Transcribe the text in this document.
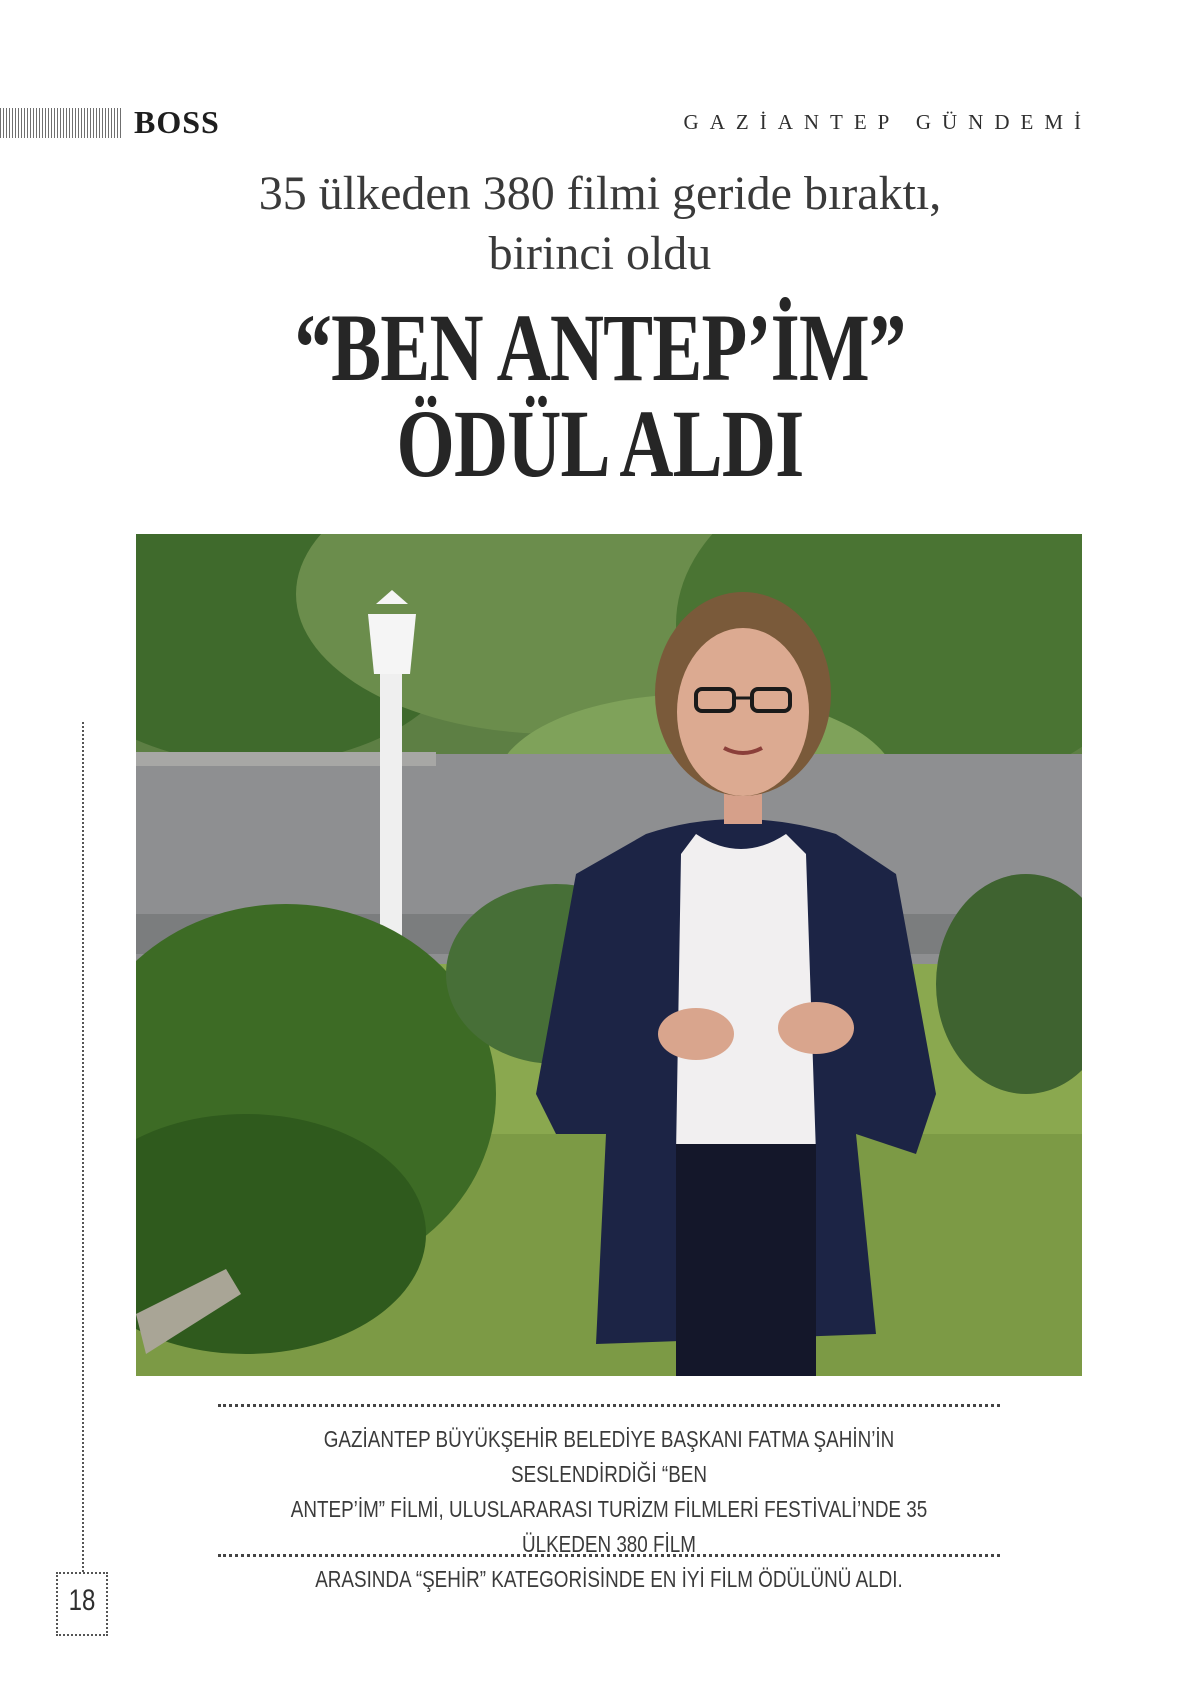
BOSS	GAZİANTEP GÜNDEMİ
35 ülkeden 380 filmi geride bıraktı,
birinci oldu
“BEN ANTEP’İM”
ÖDÜL ALDI
18
GAZİANTEP BÜYÜKŞEHİR BELEDİYE BAŞKANI FATMA ŞAHİN’İN SESLENDİRDİĞİ “BEN
ANTEP’İM” FİLMİ, ULUSLARARASI TURİZM FİLMLERİ FESTİVALİ’NDE 35 ÜLKEDEN 380 FİLM
ARASINDA “ŞEHİR” KATEGORİSİNDE EN İYİ FİLM ÖDÜLÜNÜ ALDI.
